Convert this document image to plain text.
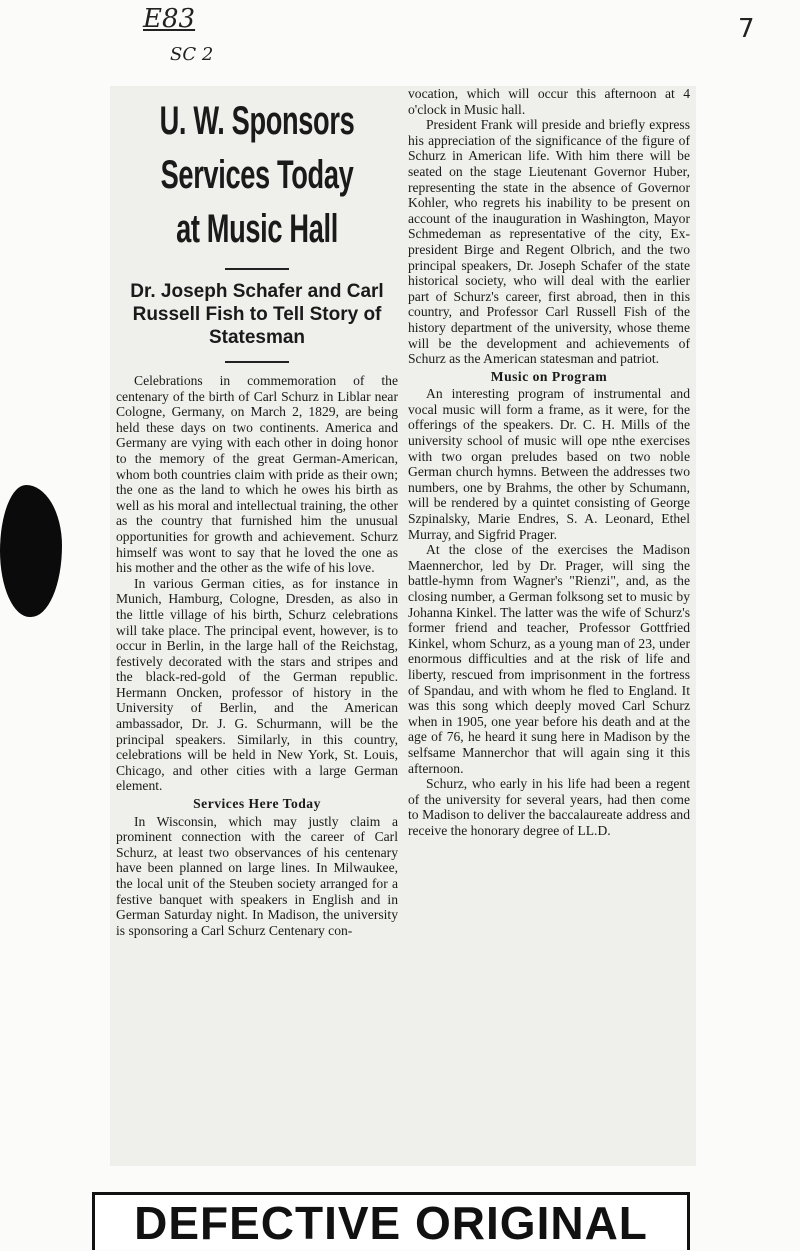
E83
SC 2
7
U. W. Sponsors
Services Today
at Music Hall
Dr. Joseph Schafer and Carl Russell Fish to Tell Story of Statesman

Celebrations in commemoration of the centenary of the birth of Carl Schurz in Liblar near Cologne, Germany, on March 2, 1829, are being held these days on two continents. America and Germany are vying with each other in doing honor to the memory of the great German-American, whom both countries claim with pride as their own; the one as the land to which he owes his birth as well as his moral and intellectual training, the other as the country that furnished him the unusual opportunities for growth and achievement. Schurz himself was wont to say that he loved the one as his mother and the other as the wife of his love.

In various German cities, as for instance in Munich, Hamburg, Cologne, Dresden, as also in the little village of his birth, Schurz celebrations will take place. The principal event, however, is to occur in Berlin, in the large hall of the Reichstag, festively decorated with the stars and stripes and the black-red-gold of the German republic. Hermann Oncken, professor of history in the University of Berlin, and the American ambassador, Dr. J. G. Schurmann, will be the principal speakers. Similarly, in this country, celebrations will be held in New York, St. Louis, Chicago, and other cities with a large German element.

Services Here Today

In Wisconsin, which may justly claim a prominent connection with the career of Carl Schurz, at least two observances of his centenary have been planned on large lines. In Milwaukee, the local unit of the Steuben society arranged for a festive banquet with speakers in English and in German Saturday night. In Madison, the university is sponsoring a Carl Schurz Centenary con-

vocation, which will occur this afternoon at 4 o'clock in Music hall.

President Frank will preside and briefly express his appreciation of the significance of the figure of Schurz in American life. With him there will be seated on the stage Lieutenant Governor Huber, representing the state in the absence of Governor Kohler, who regrets his inability to be present on account of the inauguration in Washington, Mayor Schmedeman as representative of the city, Ex-president Birge and Regent Olbrich, and the two principal speakers, Dr. Joseph Schafer of the state historical society, who will deal with the earlier part of Schurz's career, first abroad, then in this country, and Professor Carl Russell Fish of the history department of the university, whose theme will be the development and achievements of Schurz as the American statesman and patriot.

Music on Program

An interesting program of instrumental and vocal music will form a frame, as it were, for the offerings of the speakers. Dr. C. H. Mills of the university school of music will ope nthe exercises with two organ preludes based on two noble German church hymns. Between the addresses two numbers, one by Brahms, the other by Schumann, will be rendered by a quintet consisting of George Szpinalsky, Marie Endres, S. A. Leonard, Ethel Murray, and Sigfrid Prager.

At the close of the exercises the Madison Maennerchor, led by Dr. Prager, will sing the battle-hymn from Wagner's "Rienzi", and, as the closing number, a German folksong set to music by Johanna Kinkel. The latter was the wife of Schurz's former friend and teacher, Professor Gottfried Kinkel, whom Schurz, as a young man of 23, under enormous difficulties and at the risk of life and liberty, rescued from imprisonment in the fortress of Spandau, and with whom he fled to England. It was this song which deeply moved Carl Schurz when in 1905, one year before his death and at the age of 76, he heard it sung here in Madison by the selfsame Mannerchor that will again sing it this afternoon.

Schurz, who early in his life had been a regent of the university for several years, had then come to Madison to deliver the baccalaureate address and receive the honorary degree of LL.D.

DEFECTIVE ORIGINAL
